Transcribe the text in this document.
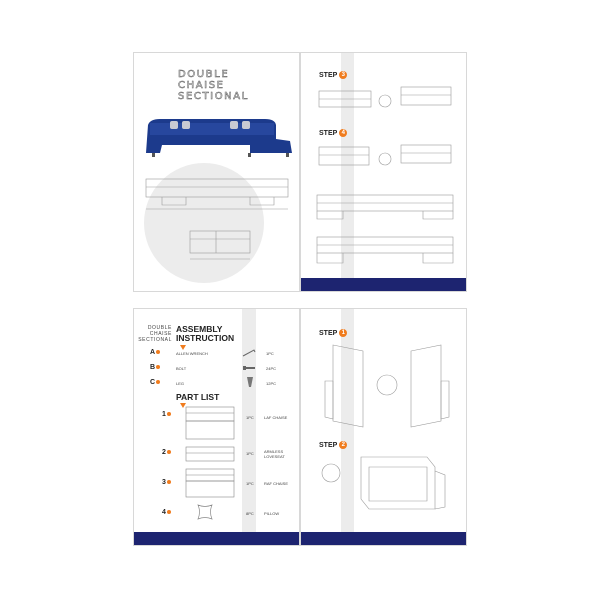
DOUBLE
CHAISE
SECTIONAL
STEP 3
STEP 4
DOUBLE
CHAISE
SECTIONAL
ASSEMBLY
INSTRUCTION
A	ALLEN WRENCH	1PC
B	BOLT	24PC
C	LEG	12PC
PART LIST
1	1PC	LAF CHAISE
2	1PC	ARMLESS LOVESEAT
3	1PC	RAF CHAISE
4	8PC	PILLOW
STEP 1
STEP 2
